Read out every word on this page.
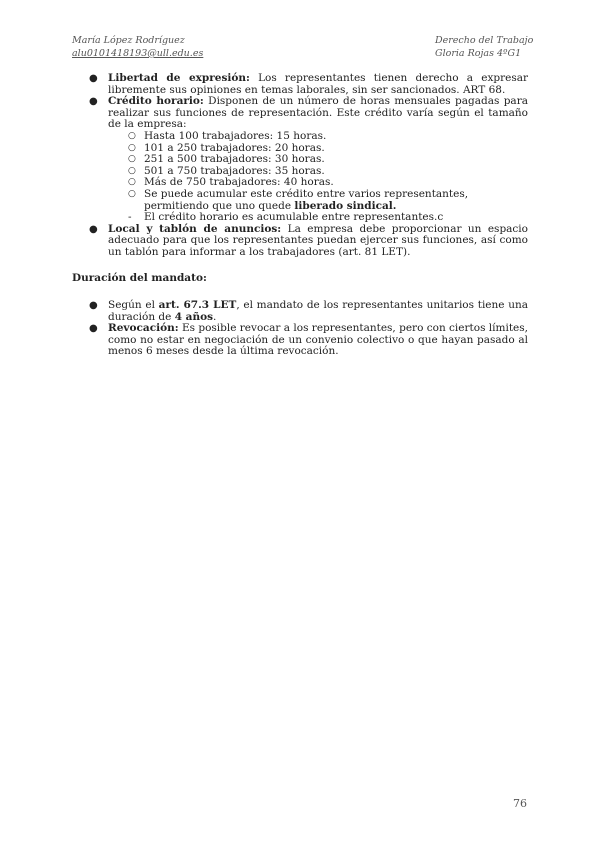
María López Rodríguez
alu0101418193@ull.edu.es
Derecho del Trabajo
Gloria Rojas 4ºG1
● Libertad de expresión: Los representantes tienen derecho a expresar libremente sus opiniones en temas laborales, sin ser sancionados. ART 68.
● Crédito horario: Disponen de un número de horas mensuales pagadas para realizar sus funciones de representación. Este crédito varía según el tamaño de la empresa:
○ Hasta 100 trabajadores: 15 horas.
○ 101 a 250 trabajadores: 20 horas.
○ 251 a 500 trabajadores: 30 horas.
○ 501 a 750 trabajadores: 35 horas.
○ Más de 750 trabajadores: 40 horas.
○ Se puede acumular este crédito entre varios representantes, permitiendo que uno quede liberado sindical.
- El crédito horario es acumulable entre representantes.c
● Local y tablón de anuncios: La empresa debe proporcionar un espacio adecuado para que los representantes puedan ejercer sus funciones, así como un tablón para informar a los trabajadores (art. 81 LET).
Duración del mandato:
● Según el art. 67.3 LET, el mandato de los representantes unitarios tiene una duración de 4 años.
● Revocación: Es posible revocar a los representantes, pero con ciertos límites, como no estar en negociación de un convenio colectivo o que hayan pasado al menos 6 meses desde la última revocación.
76
